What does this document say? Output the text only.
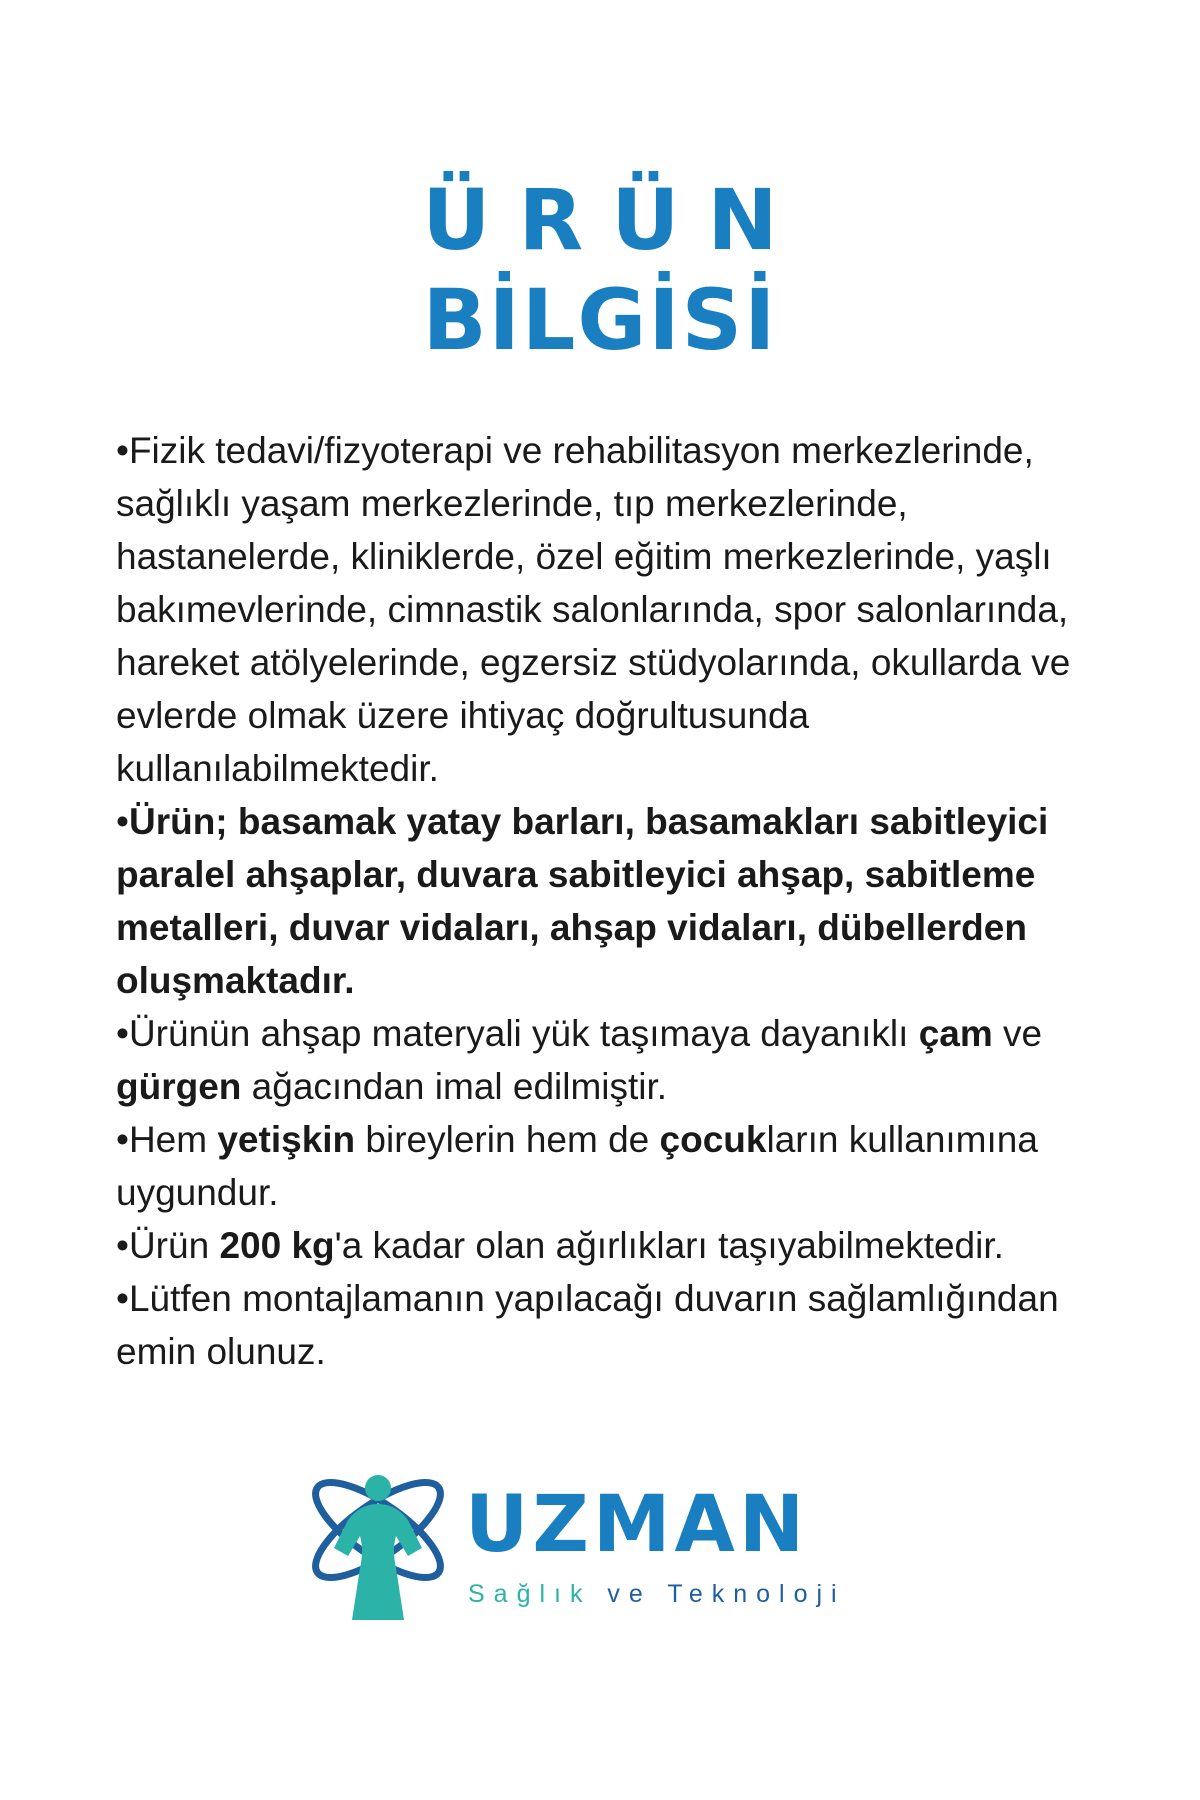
ÜRÜN
BİLGİSİ

•Fizik tedavi/fizyoterapi ve rehabilitasyon merkezlerinde, sağlıklı yaşam merkezlerinde, tıp merkezlerinde, hastanelerde, kliniklerde, özel eğitim merkezlerinde, yaşlı bakımevlerinde, cimnastik salonlarında, spor salonlarında, hareket atölyelerinde, egzersiz stüdyolarında, okullarda ve evlerde olmak üzere ihtiyaç doğrultusunda kullanılabilmektedir.

•Ürün; basamak yatay barları, basamakları sabitleyici paralel ahşaplar, duvara sabitleyici ahşap, sabitleme metalleri, duvar vidaları, ahşap vidaları, dübellerden oluşmaktadır.

•Ürünün ahşap materyali yük taşımaya dayanıklı çam ve gürgen ağacından imal edilmiştir.

•Hem yetişkin bireylerin hem de çocukların kullanımına uygundur.

•Ürün 200 kg'a kadar olan ağırlıkları taşıyabilmektedir.

•Lütfen montajlamanın yapılacağı duvarın sağlamlığından emin olunuz.

UZMAN
Sağlık ve Teknoloji
